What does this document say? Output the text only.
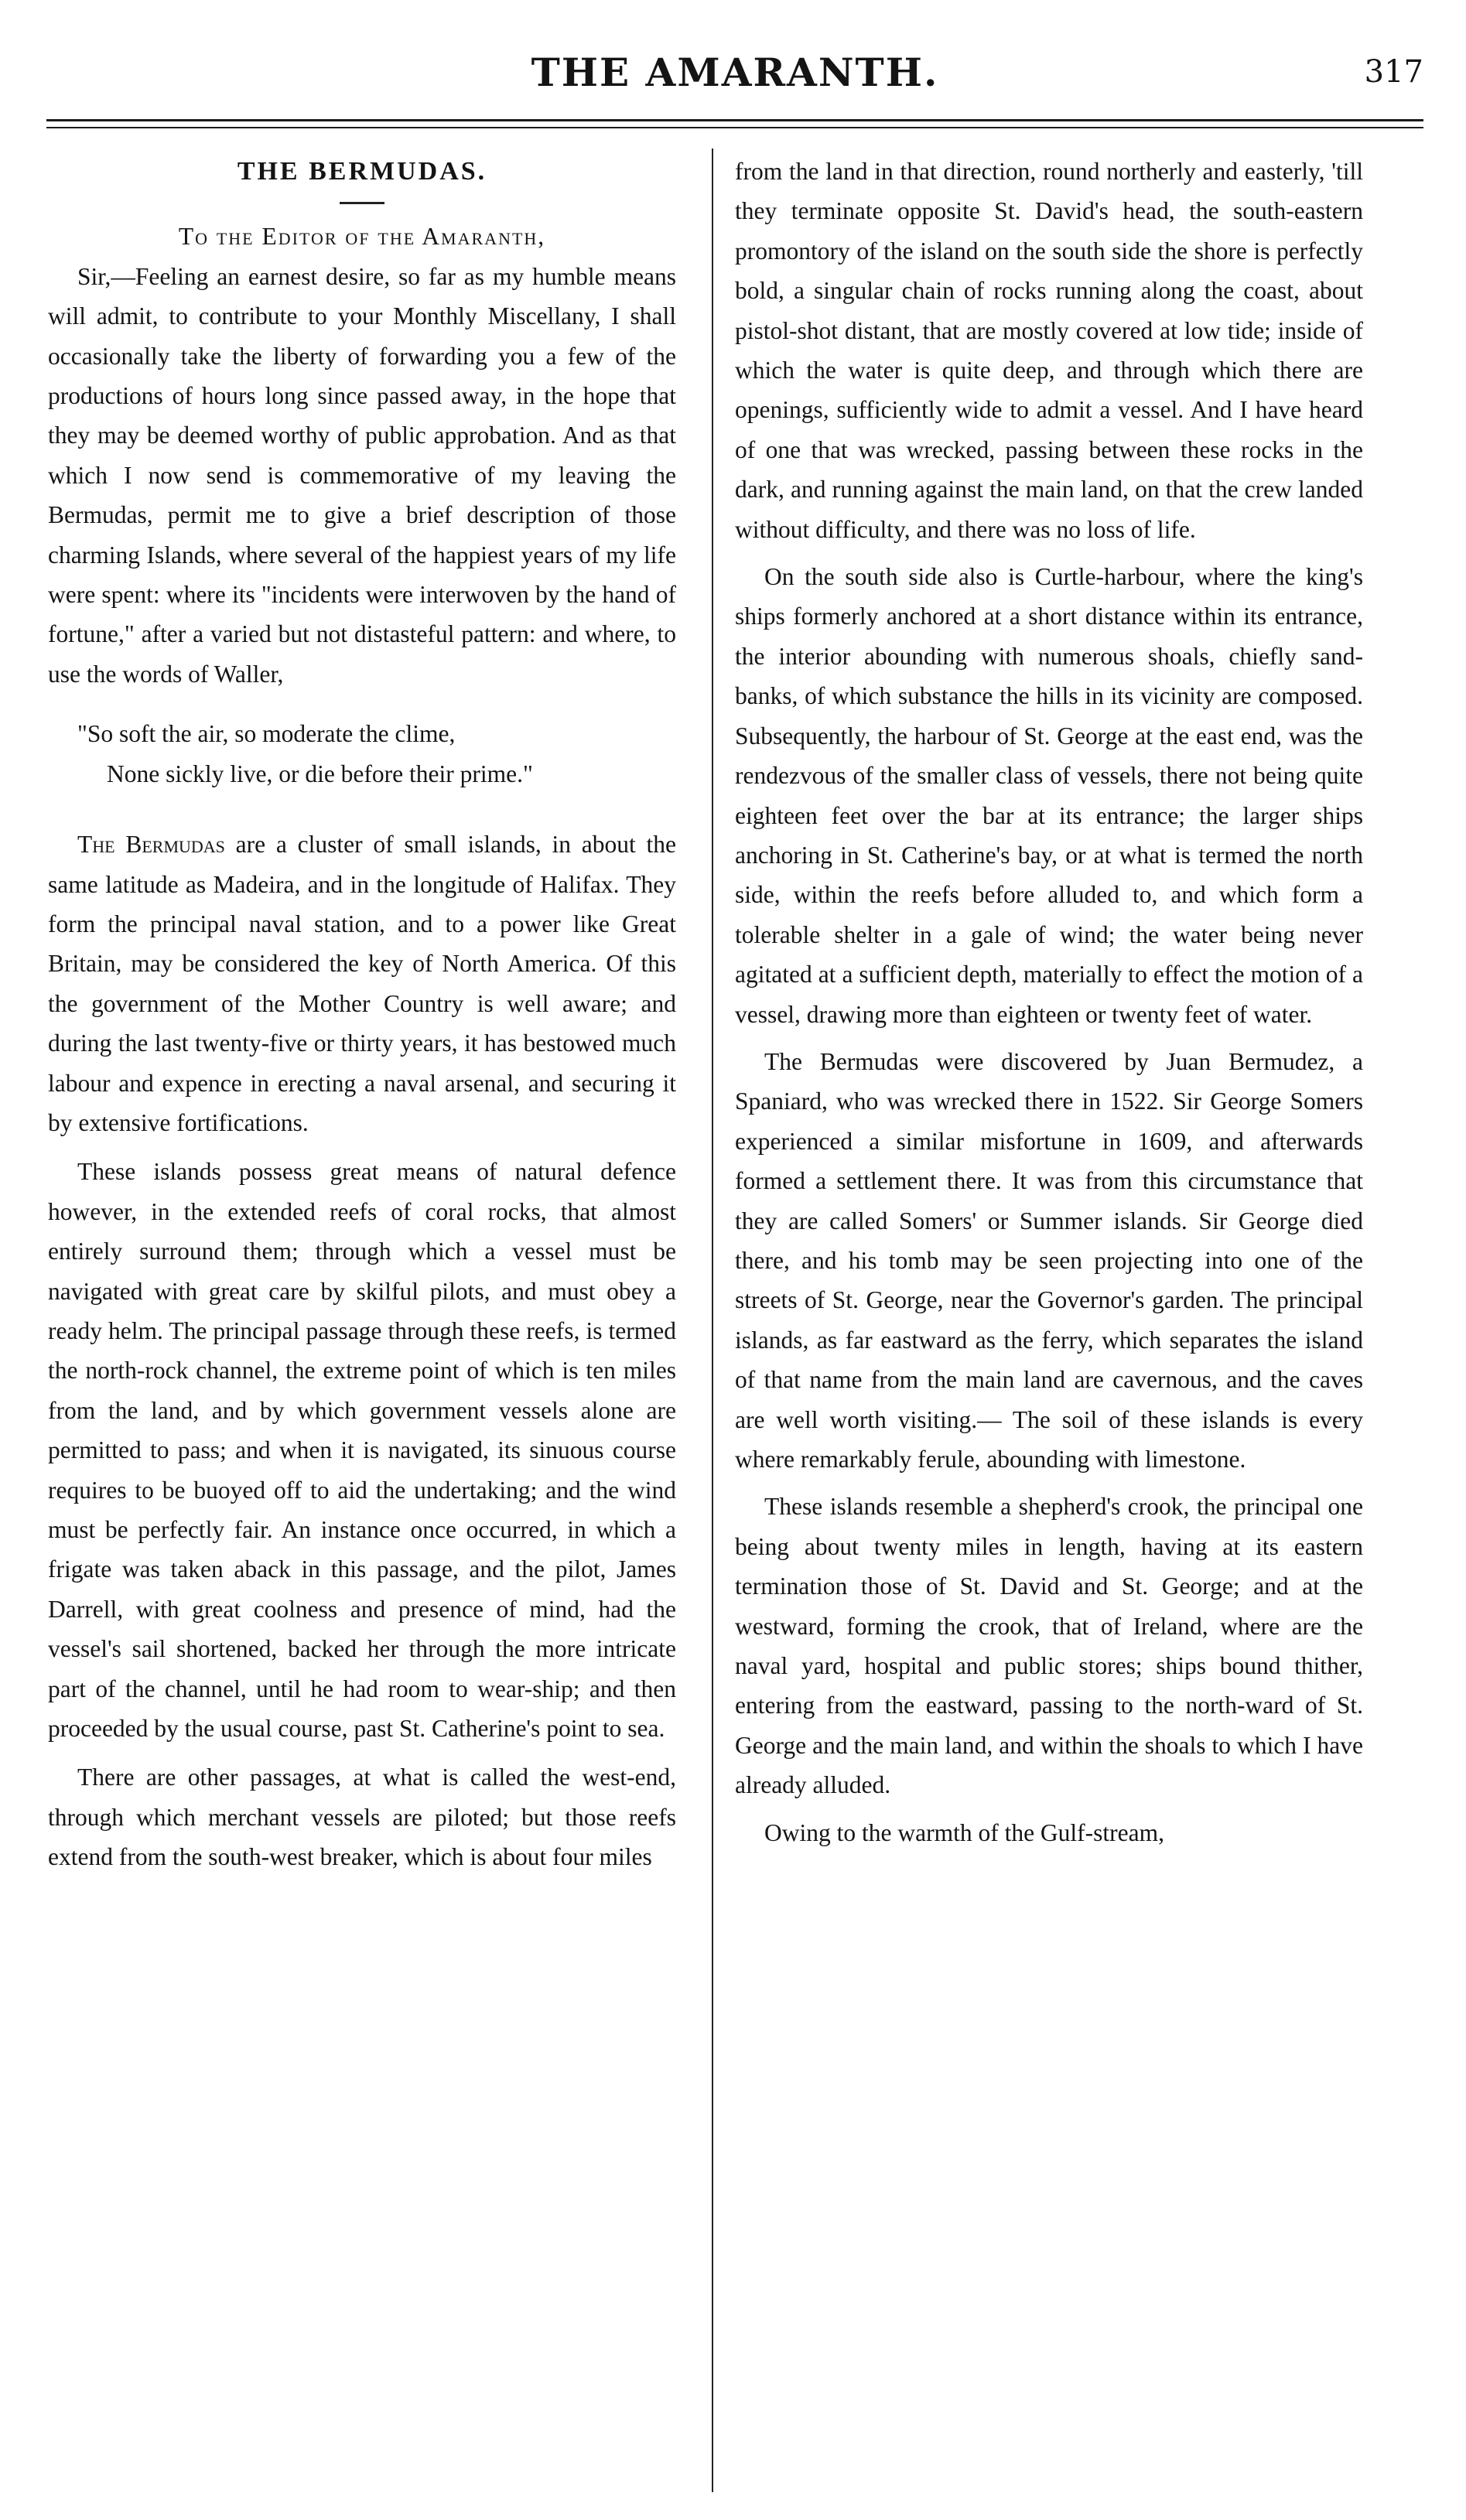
THE AMARANTH.	317
THE BERMUDAS.

To the Editor of the Amaranth,

Sir,—Feeling an earnest desire, so far as my humble means will admit, to contribute to your Monthly Miscellany, I shall occasionally take the liberty of forwarding you a few of the productions of hours long since passed away, in the hope that they may be deemed worthy of public approbation. And as that which I now send is commemorative of my leaving the Bermudas, permit me to give a brief description of those charming Islands, where several of the happiest years of my life were spent: where its "incidents were interwoven by the hand of fortune," after a varied but not distasteful pattern: and where, to use the words of Waller,

"So soft the air, so moderate the clime,
None sickly live, or die before their prime."

The Bermudas are a cluster of small islands, in about the same latitude as Madeira, and in the longitude of Halifax. They form the principal naval station, and to a power like Great Britain, may be considered the key of North America. Of this the government of the Mother Country is well aware; and during the last twenty-five or thirty years, it has bestowed much labour and expence in erecting a naval arsenal, and securing it by extensive fortifications.

These islands possess great means of natural defence however, in the extended reefs of coral rocks, that almost entirely surround them; through which a vessel must be navigated with great care by skilful pilots, and must obey a ready helm. The principal passage through these reefs, is termed the north-rock channel, the extreme point of which is ten miles from the land, and by which government vessels alone are permitted to pass; and when it is navigated, its sinuous course requires to be buoyed off to aid the undertaking; and the wind must be perfectly fair. An instance once occurred, in which a frigate was taken aback in this passage, and the pilot, James Darrell, with great coolness and presence of mind, had the vessel's sail shortened, backed her through the more intricate part of the channel, until he had room to wear-ship; and then proceeded by the usual course, past St. Catherine's point to sea.

There are other passages, at what is called the west-end, through which merchant vessels are piloted; but those reefs extend from the south-west breaker, which is about four miles

from the land in that direction, round northerly and easterly, 'till they terminate opposite St. David's head, the south-eastern promontory of the island on the south side the shore is perfectly bold, a singular chain of rocks running along the coast, about pistol-shot distant, that are mostly covered at low tide; inside of which the water is quite deep, and through which there are openings, sufficiently wide to admit a vessel. And I have heard of one that was wrecked, passing between these rocks in the dark, and running against the main land, on that the crew landed without difficulty, and there was no loss of life.

On the south side also is Curtle-harbour, where the king's ships formerly anchored at a short distance within its entrance, the interior abounding with numerous shoals, chiefly sand-banks, of which substance the hills in its vicinity are composed. Subsequently, the harbour of St. George at the east end, was the rendezvous of the smaller class of vessels, there not being quite eighteen feet over the bar at its entrance; the larger ships anchoring in St. Catherine's bay, or at what is termed the north side, within the reefs before alluded to, and which form a tolerable shelter in a gale of wind; the water being never agitated at a sufficient depth, materially to effect the motion of a vessel, drawing more than eighteen or twenty feet of water.

The Bermudas were discovered by Juan Bermudez, a Spaniard, who was wrecked there in 1522. Sir George Somers experienced a similar misfortune in 1609, and afterwards formed a settlement there. It was from this circumstance that they are called Somers' or Summer islands. Sir George died there, and his tomb may be seen projecting into one of the streets of St. George, near the Governor's garden. The principal islands, as far eastward as the ferry, which separates the island of that name from the main land are cavernous, and the caves are well worth visiting.— The soil of these islands is every where remarkably ferule, abounding with limestone.

These islands resemble a shepherd's crook, the principal one being about twenty miles in length, having at its eastern termination those of St. David and St. George; and at the westward, forming the crook, that of Ireland, where are the naval yard, hospital and public stores; ships bound thither, entering from the eastward, passing to the north-ward of St. George and the main land, and within the shoals to which I have already alluded.

Owing to the warmth of the Gulf-stream,
